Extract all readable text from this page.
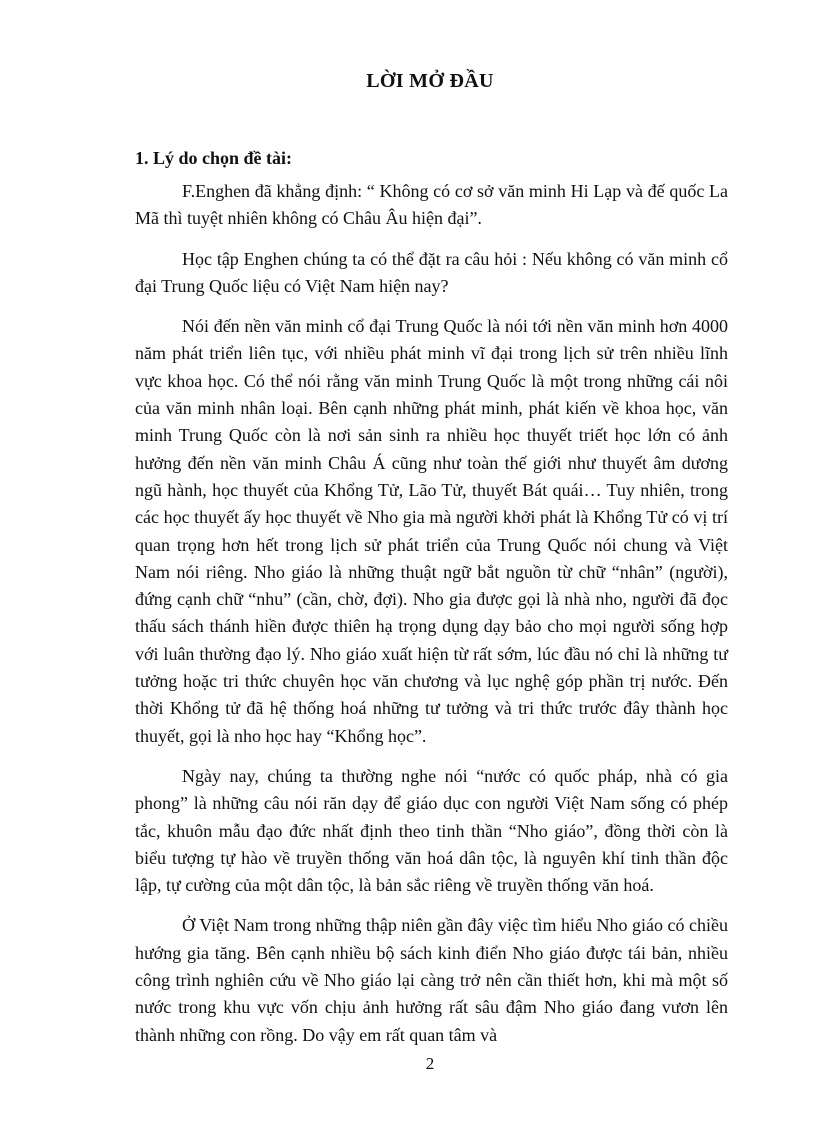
LỜI MỞ ĐẦU
1. Lý do chọn đề tài:

F.Enghen đã khẳng định: “ Không có cơ sở văn minh Hi Lạp và đế quốc La Mã thì tuyệt nhiên không có Châu Âu hiện đại”.

Học tập Enghen chúng ta có thể đặt ra câu hỏi : Nếu không có văn minh cổ đại Trung Quốc liệu có Việt Nam hiện nay?

Nói đến nền văn minh cổ đại Trung Quốc là nói tới nền văn minh hơn 4000 năm phát triển liên tục, với nhiều phát minh vĩ đại trong lịch sử trên nhiều lĩnh vực khoa học. Có thể nói rằng văn minh Trung Quốc là một trong những cái nôi của văn minh nhân loại. Bên cạnh những phát minh, phát kiến về khoa học, văn minh Trung Quốc còn là nơi sản sinh ra nhiều học thuyết triết học lớn có ảnh hưởng đến nền văn minh Châu Á cũng như toàn thế giới như thuyết âm dương ngũ hành, học thuyết của Khổng Tử, Lão Tử, thuyết Bát quái… Tuy nhiên, trong các học thuyết ấy học thuyết về Nho gia mà người khởi phát là Khổng Tử có vị trí quan trọng hơn hết trong lịch sử phát triển của Trung Quốc nói chung và Việt Nam nói riêng. Nho giáo là những thuật ngữ bắt nguồn từ chữ “nhân” (người), đứng cạnh chữ “nhu” (cần, chờ, đợi). Nho gia được gọi là nhà nho, người đã đọc thấu sách thánh hiền được thiên hạ trọng dụng dạy bảo cho mọi người sống hợp với luân thường đạo lý. Nho giáo xuất hiện từ rất sớm, lúc đầu nó chỉ là những tư tưởng hoặc tri thức chuyên học văn chương và lục nghệ góp phần trị nước. Đến thời Khổng tử đã hệ thống hoá những tư tưởng và tri thức trước đây thành học thuyết, gọi là nho học hay “Khổng học”.

Ngày nay, chúng ta thường nghe nói “nước có quốc pháp, nhà có gia phong” là những câu nói răn dạy để giáo dục con người Việt Nam sống có phép tắc, khuôn mẫu đạo đức nhất định theo tinh thần “Nho giáo”, đồng thời còn là biểu tượng tự hào về truyền thống văn hoá dân tộc, là nguyên khí tinh thần độc lập, tự cường của một dân tộc, là bản sắc riêng về truyền thống văn hoá.

Ở Việt Nam trong những thập niên gần đây việc tìm hiểu Nho giáo có chiều hướng gia tăng. Bên cạnh nhiều bộ sách kinh điển Nho giáo được tái bản, nhiều công trình nghiên cứu về Nho giáo lại càng trở nên cần thiết hơn, khi mà một số nước trong khu vực vốn chịu ảnh hưởng rất sâu đậm Nho giáo đang vươn lên thành những con rồng. Do vậy em rất quan tâm và

2
